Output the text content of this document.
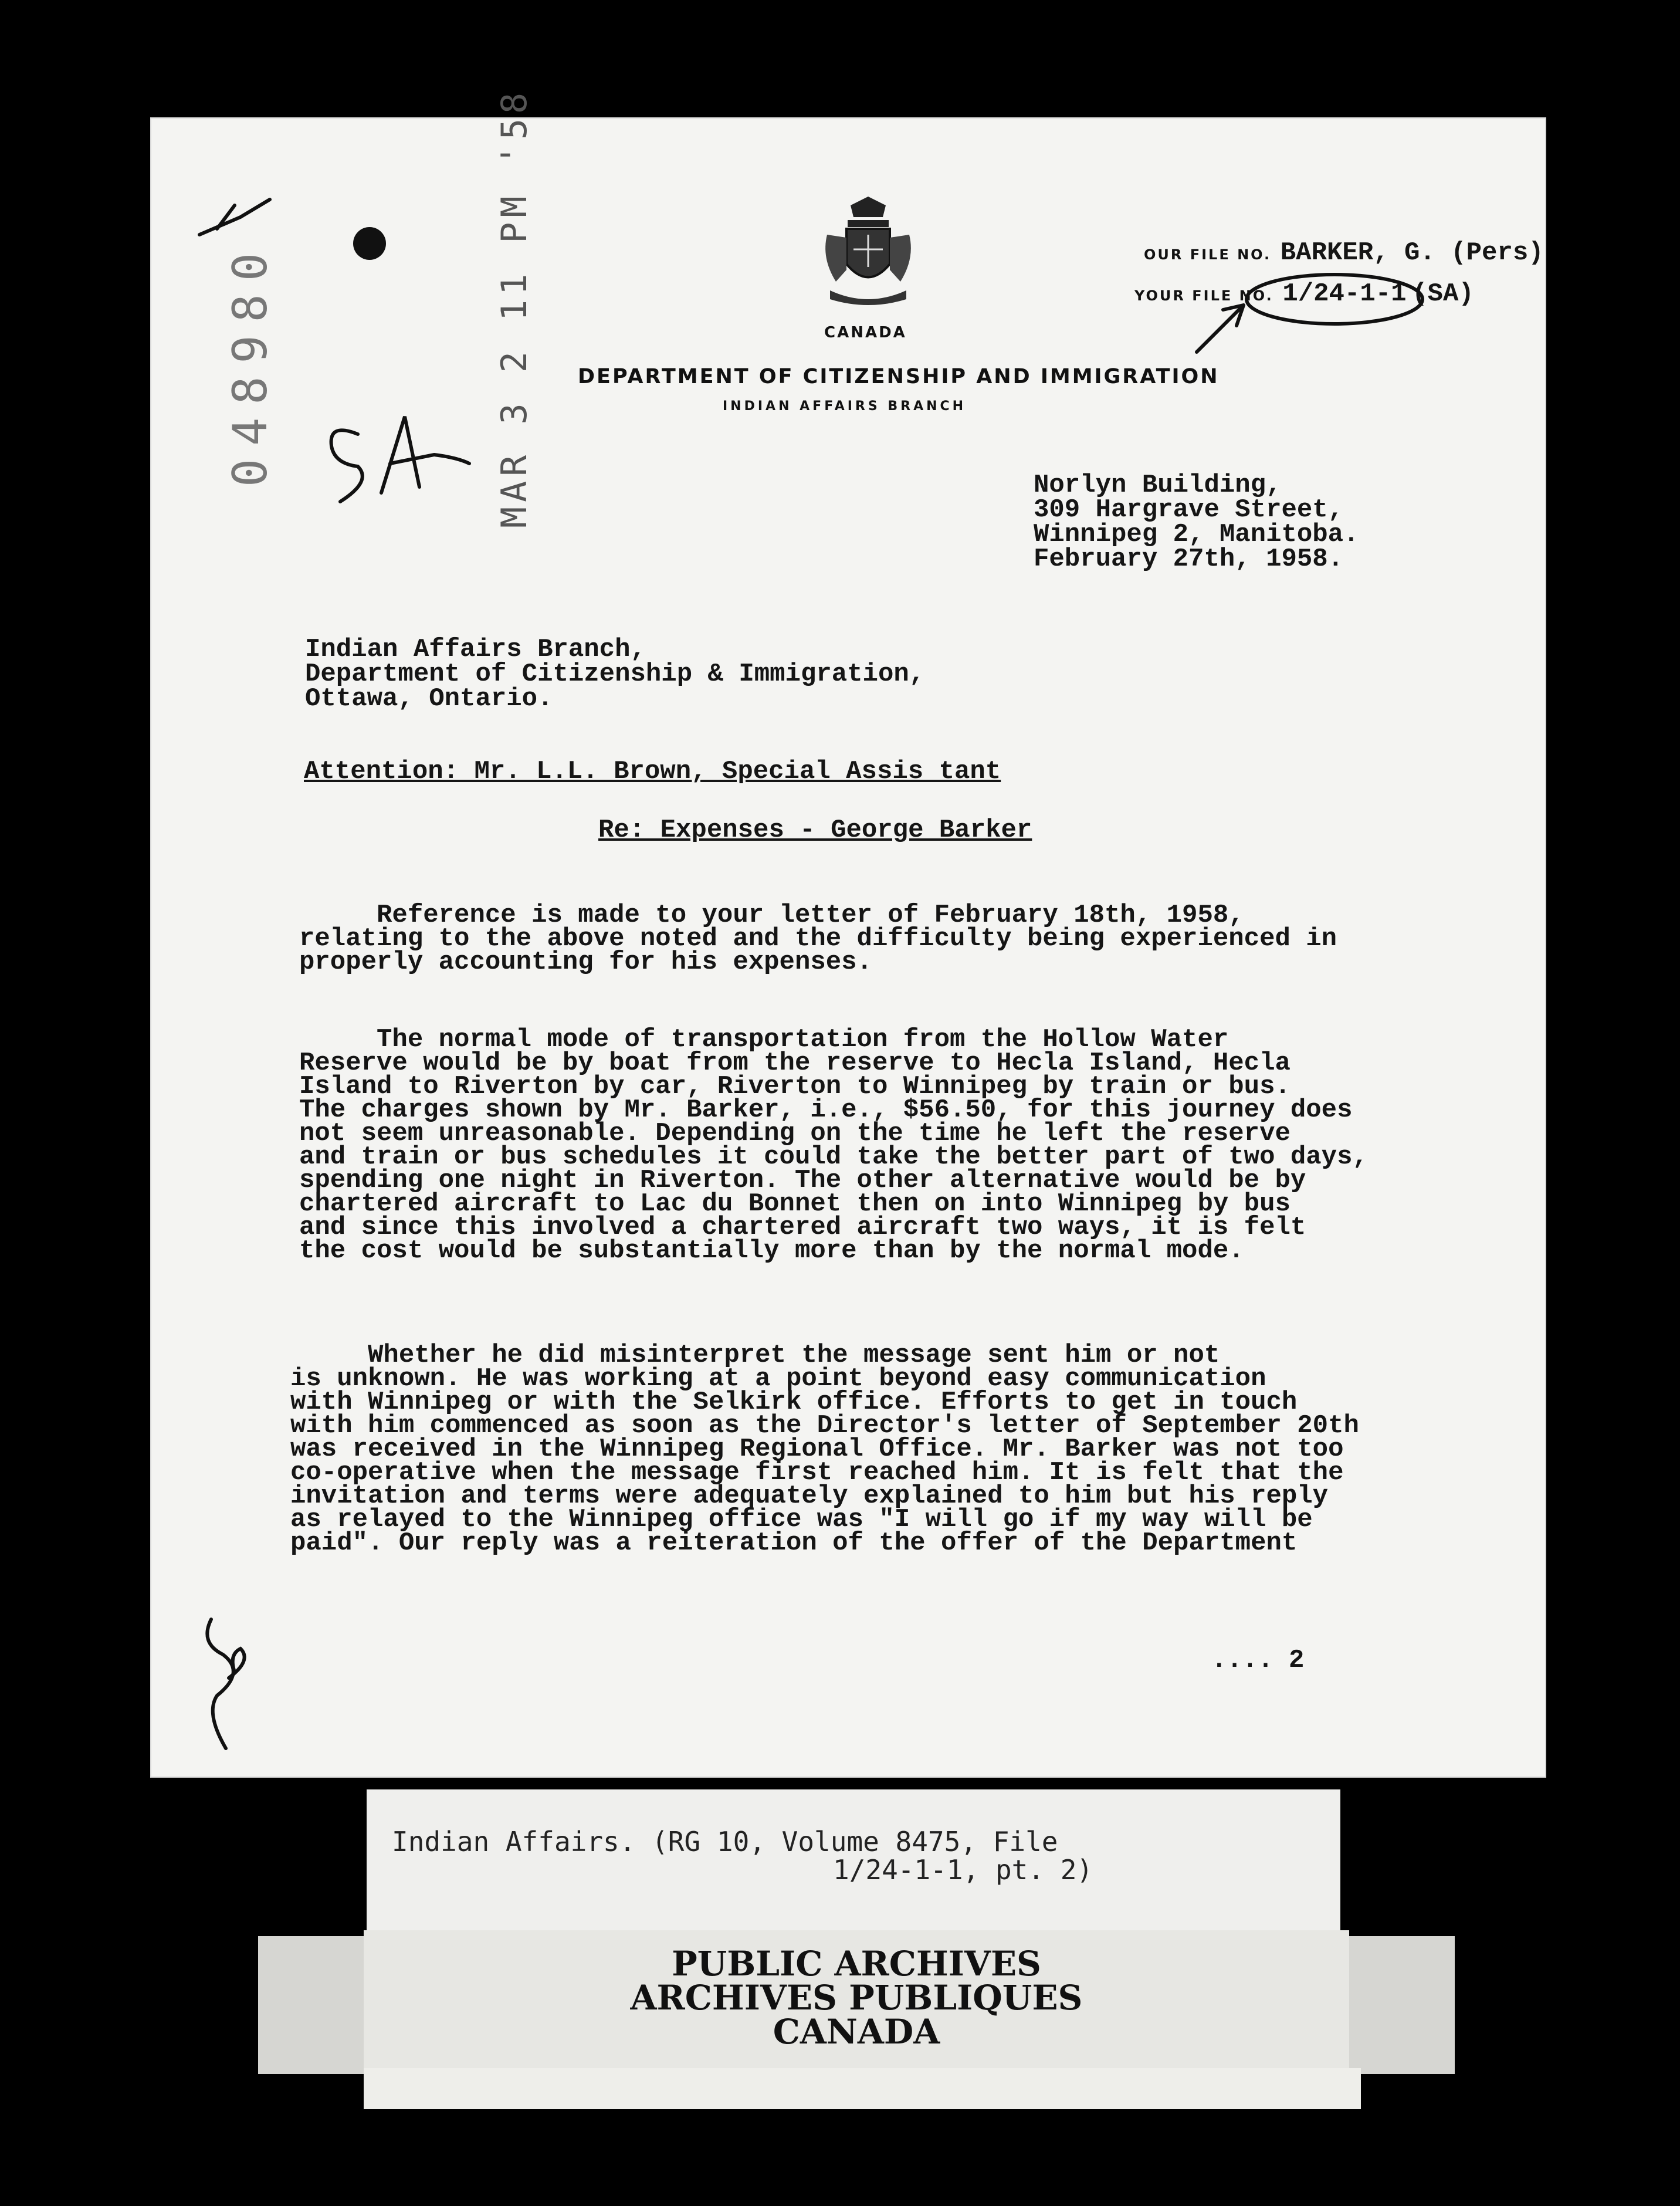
CANADA
DEPARTMENT OF CITIZENSHIP AND IMMIGRATION
INDIAN AFFAIRS BRANCH
OUR FILE NO. BARKER, G. (Pers)
YOUR FILE NO. 1/24-1-1 (SA)
048980	MAR 3 2 11 PM '58	Norlyn Building,
309 Hargrave Street,
Winnipeg 2, Manitoba.
February 27th, 1958.
Indian Affairs Branch,
Department of Citizenship & Immigration,
Ottawa, Ontario.
Attention: Mr. L.L. Brown, Special Assis tant
Re: Expenses - George Barker
Reference is made to your letter of February 18th, 1958,
relating to the above noted and the difficulty being experienced in
properly accounting for his expenses.
The normal mode of transportation from the Hollow Water
Reserve would be by boat from the reserve to Hecla Island, Hecla
Island to Riverton by car, Riverton to Winnipeg by train or bus.
The charges shown by Mr. Barker, i.e., $56.50, for this journey does
not seem unreasonable. Depending on the time he left the reserve
and train or bus schedules it could take the better part of two days,
spending one night in Riverton. The other alternative would be by
chartered aircraft to Lac du Bonnet then on into Winnipeg by bus
and since this involved a chartered aircraft two ways, it is felt
the cost would be substantially more than by the normal mode.
Whether he did misinterpret the message sent him or not
is unknown. He was working at a point beyond easy communication
with Winnipeg or with the Selkirk office. Efforts to get in touch
with him commenced as soon as the Director's letter of September 20th
was received in the Winnipeg Regional Office. Mr. Barker was not too
co-operative when the message first reached him. It is felt that the
invitation and terms were adequately explained to him but his reply
as relayed to the Winnipeg office was "I will go if my way will be
paid". Our reply was a reiteration of the offer of the Department
.... 2
Indian Affairs. (RG 10, Volume 8475, File
1/24-1-1, pt. 2)
PUBLIC ARCHIVES
ARCHIVES PUBLIQUES
CANADA
